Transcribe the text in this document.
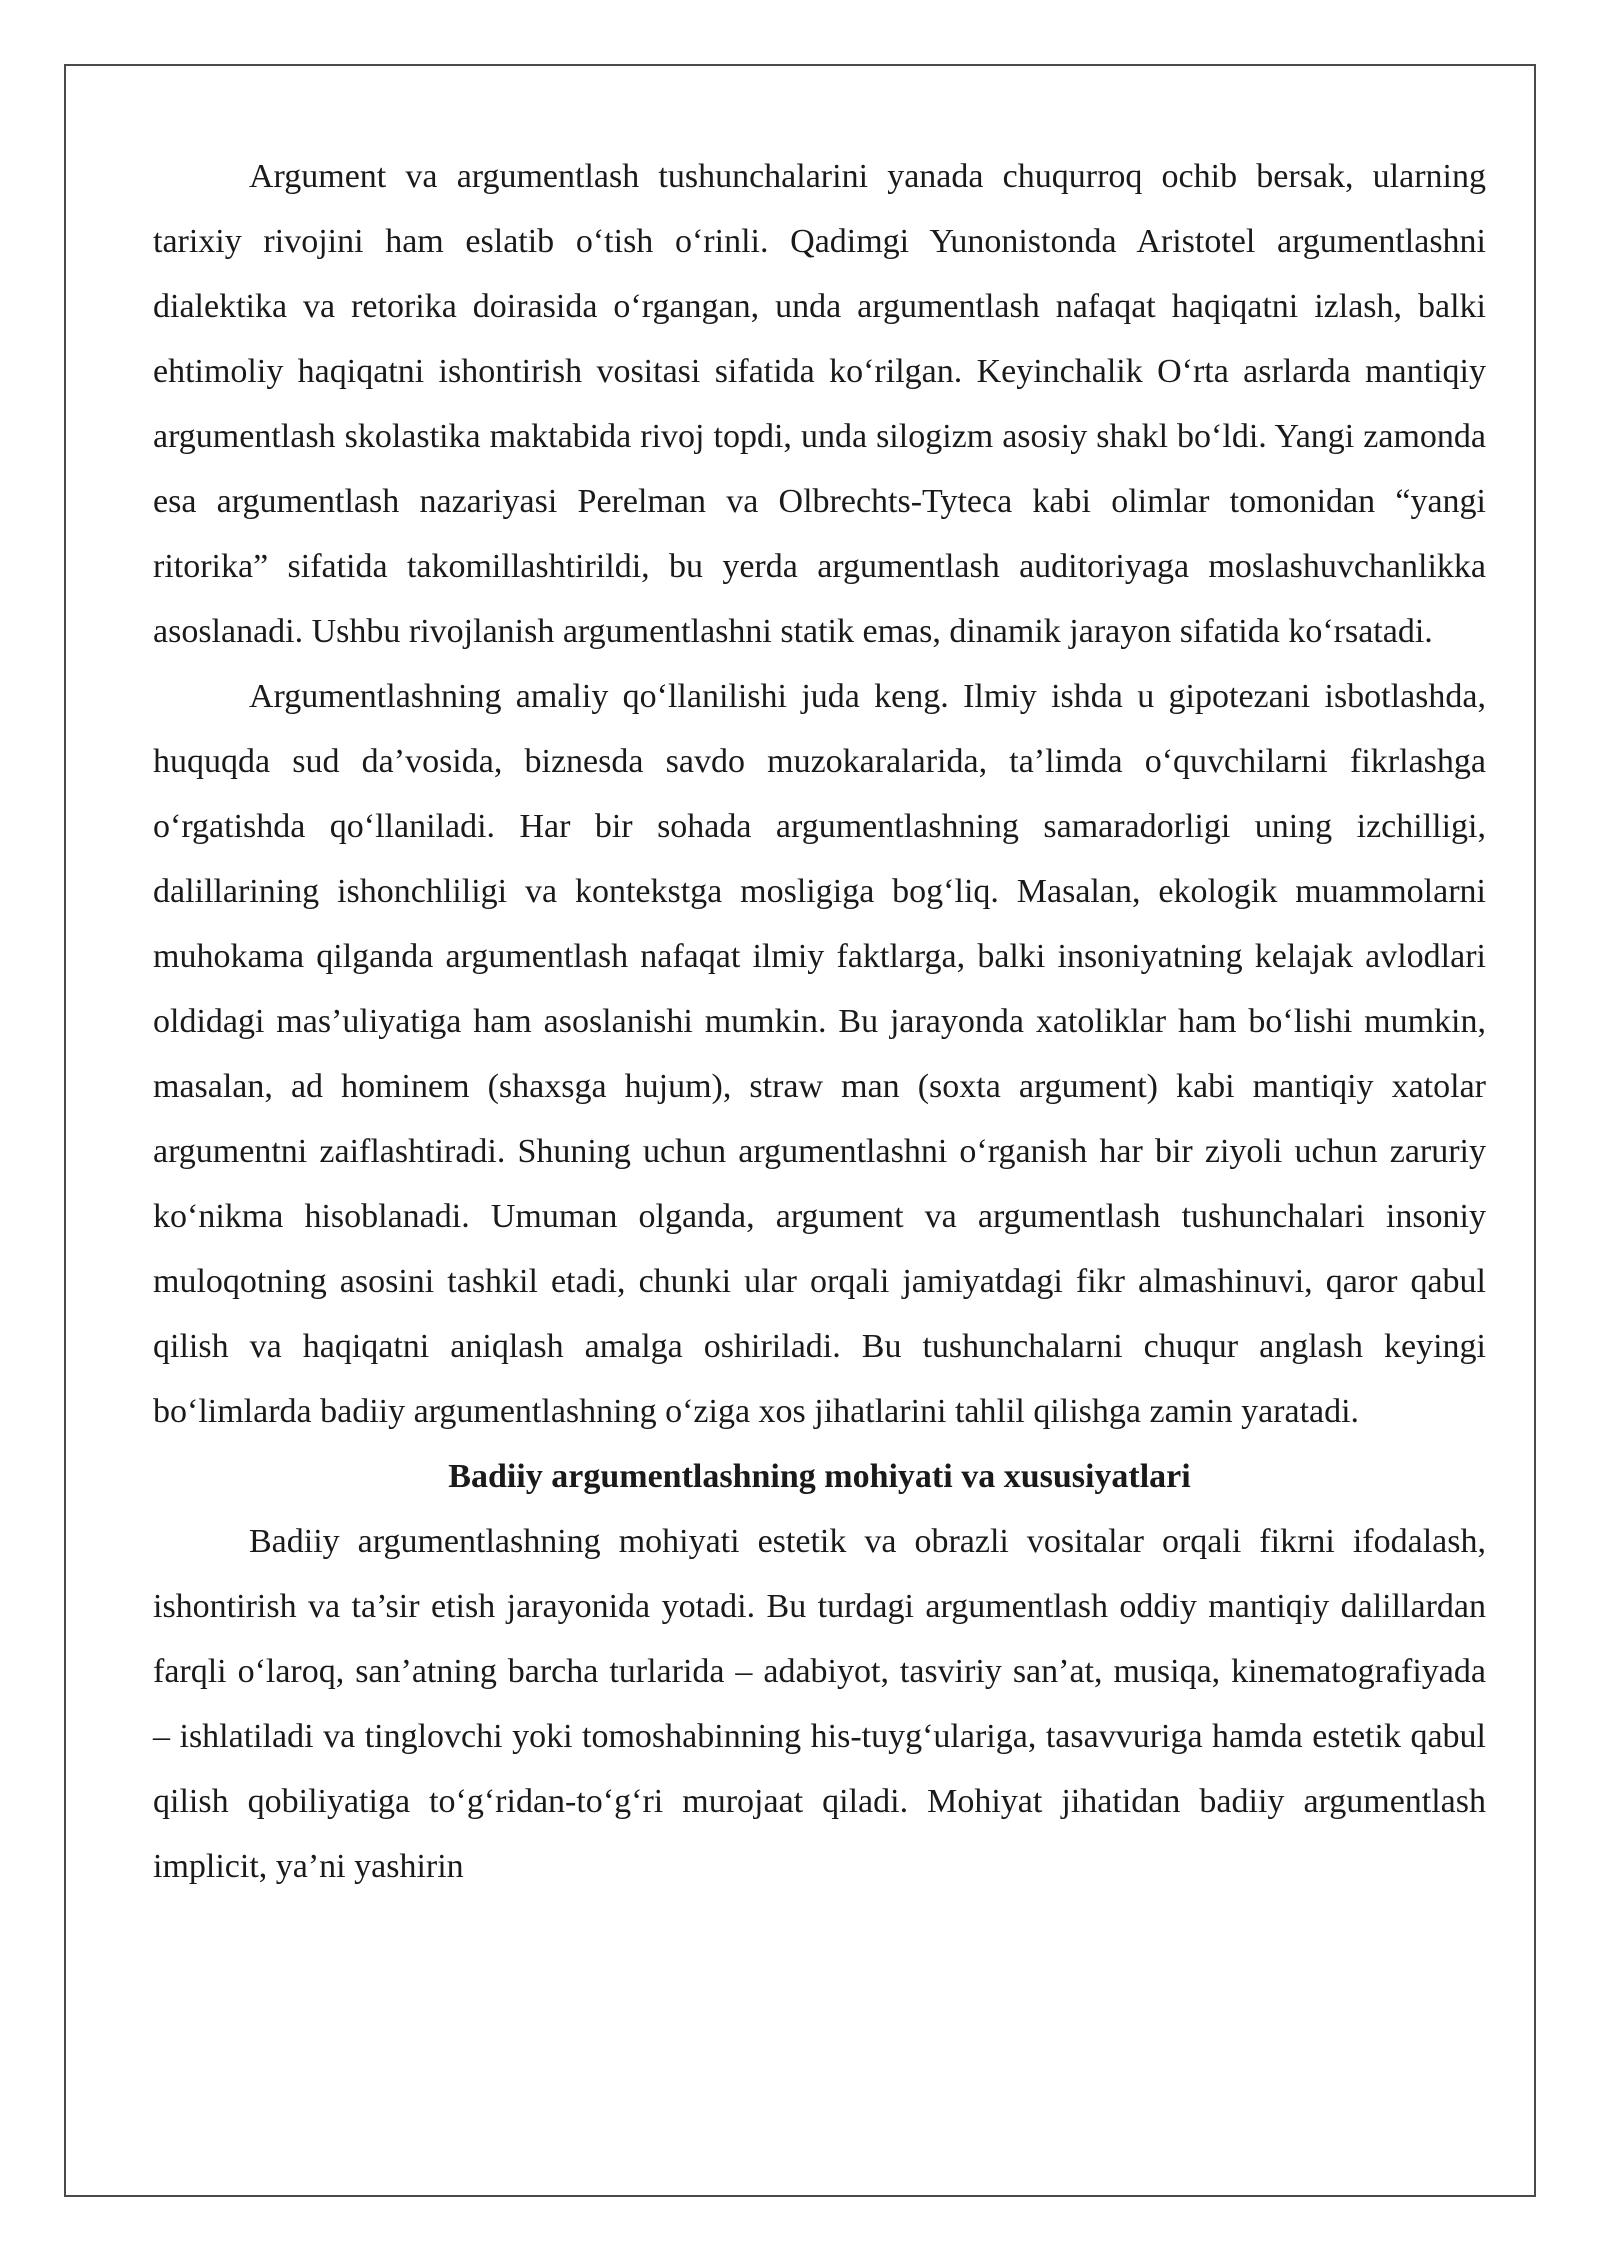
Argument va argumentlash tushunchalarini yanada chuqurroq ochib bersak, ularning tarixiy rivojini ham eslatib o‘tish o‘rinli. Qadimgi Yunonistonda Aristotel argumentlashni dialektika va retorika doirasida o‘rgangan, unda argumentlash nafaqat haqiqatni izlash, balki ehtimoliy haqiqatni ishontirish vositasi sifatida ko‘rilgan. Keyinchalik O‘rta asrlarda mantiqiy argumentlash skolastika maktabida rivoj topdi, unda silogizm asosiy shakl bo‘ldi. Yangi zamonda esa argumentlash nazariyasi Perelman va Olbrechts-Tyteca kabi olimlar tomonidan “yangi ritorika” sifatida takomillashtirildi, bu yerda argumentlash auditoriyaga moslashuvchanlikka asoslanadi. Ushbu rivojlanish argumentlashni statik emas, dinamik jarayon sifatida ko‘rsatadi.

Argumentlashning amaliy qo‘llanilishi juda keng. Ilmiy ishda u gipotezani isbotlashda, huquqda sud da’vosida, biznesda savdo muzokaralarida, ta’limda o‘quvchilarni fikrlashga o‘rgatishda qo‘llaniladi. Har bir sohada argumentlashning samaradorligi uning izchilligi, dalillarining ishonchliligi va kontekstga mosligiga bog‘liq. Masalan, ekologik muammolarni muhokama qilganda argumentlash nafaqat ilmiy faktlarga, balki insoniyatning kelajak avlodlari oldidagi mas’uliyatiga ham asoslanishi mumkin. Bu jarayonda xatoliklar ham bo‘lishi mumkin, masalan, ad hominem (shaxsga hujum), straw man (soxta argument) kabi mantiqiy xatolar argumentni zaiflashtiradi. Shuning uchun argumentlashni o‘rganish har bir ziyoli uchun zaruriy ko‘nikma hisoblanadi. Umuman olganda, argument va argumentlash tushunchalari insoniy muloqotning asosini tashkil etadi, chunki ular orqali jamiyatdagi fikr almashinuvi, qaror qabul qilish va haqiqatni aniqlash amalga oshiriladi. Bu tushunchalarni chuqur anglash keyingi bo‘limlarda badiiy argumentlashning o‘ziga xos jihatlarini tahlil qilishga zamin yaratadi.

Badiiy argumentlashning mohiyati va xususiyatlari

Badiiy argumentlashning mohiyati estetik va obrazli vositalar orqali fikrni ifodalash, ishontirish va ta’sir etish jarayonida yotadi. Bu turdagi argumentlash oddiy mantiqiy dalillardan farqli o‘laroq, san’atning barcha turlarida – adabiyot, tasviriy san’at, musiqa, kinematografiyada – ishlatiladi va tinglovchi yoki tomoshabinning his-tuyg‘ulariga, tasavvuriga hamda estetik qabul qilish qobiliyatiga to‘g‘ridan-to‘g‘ri murojaat qiladi. Mohiyat jihatidan badiiy argumentlash implicit, ya’ni yashirin
